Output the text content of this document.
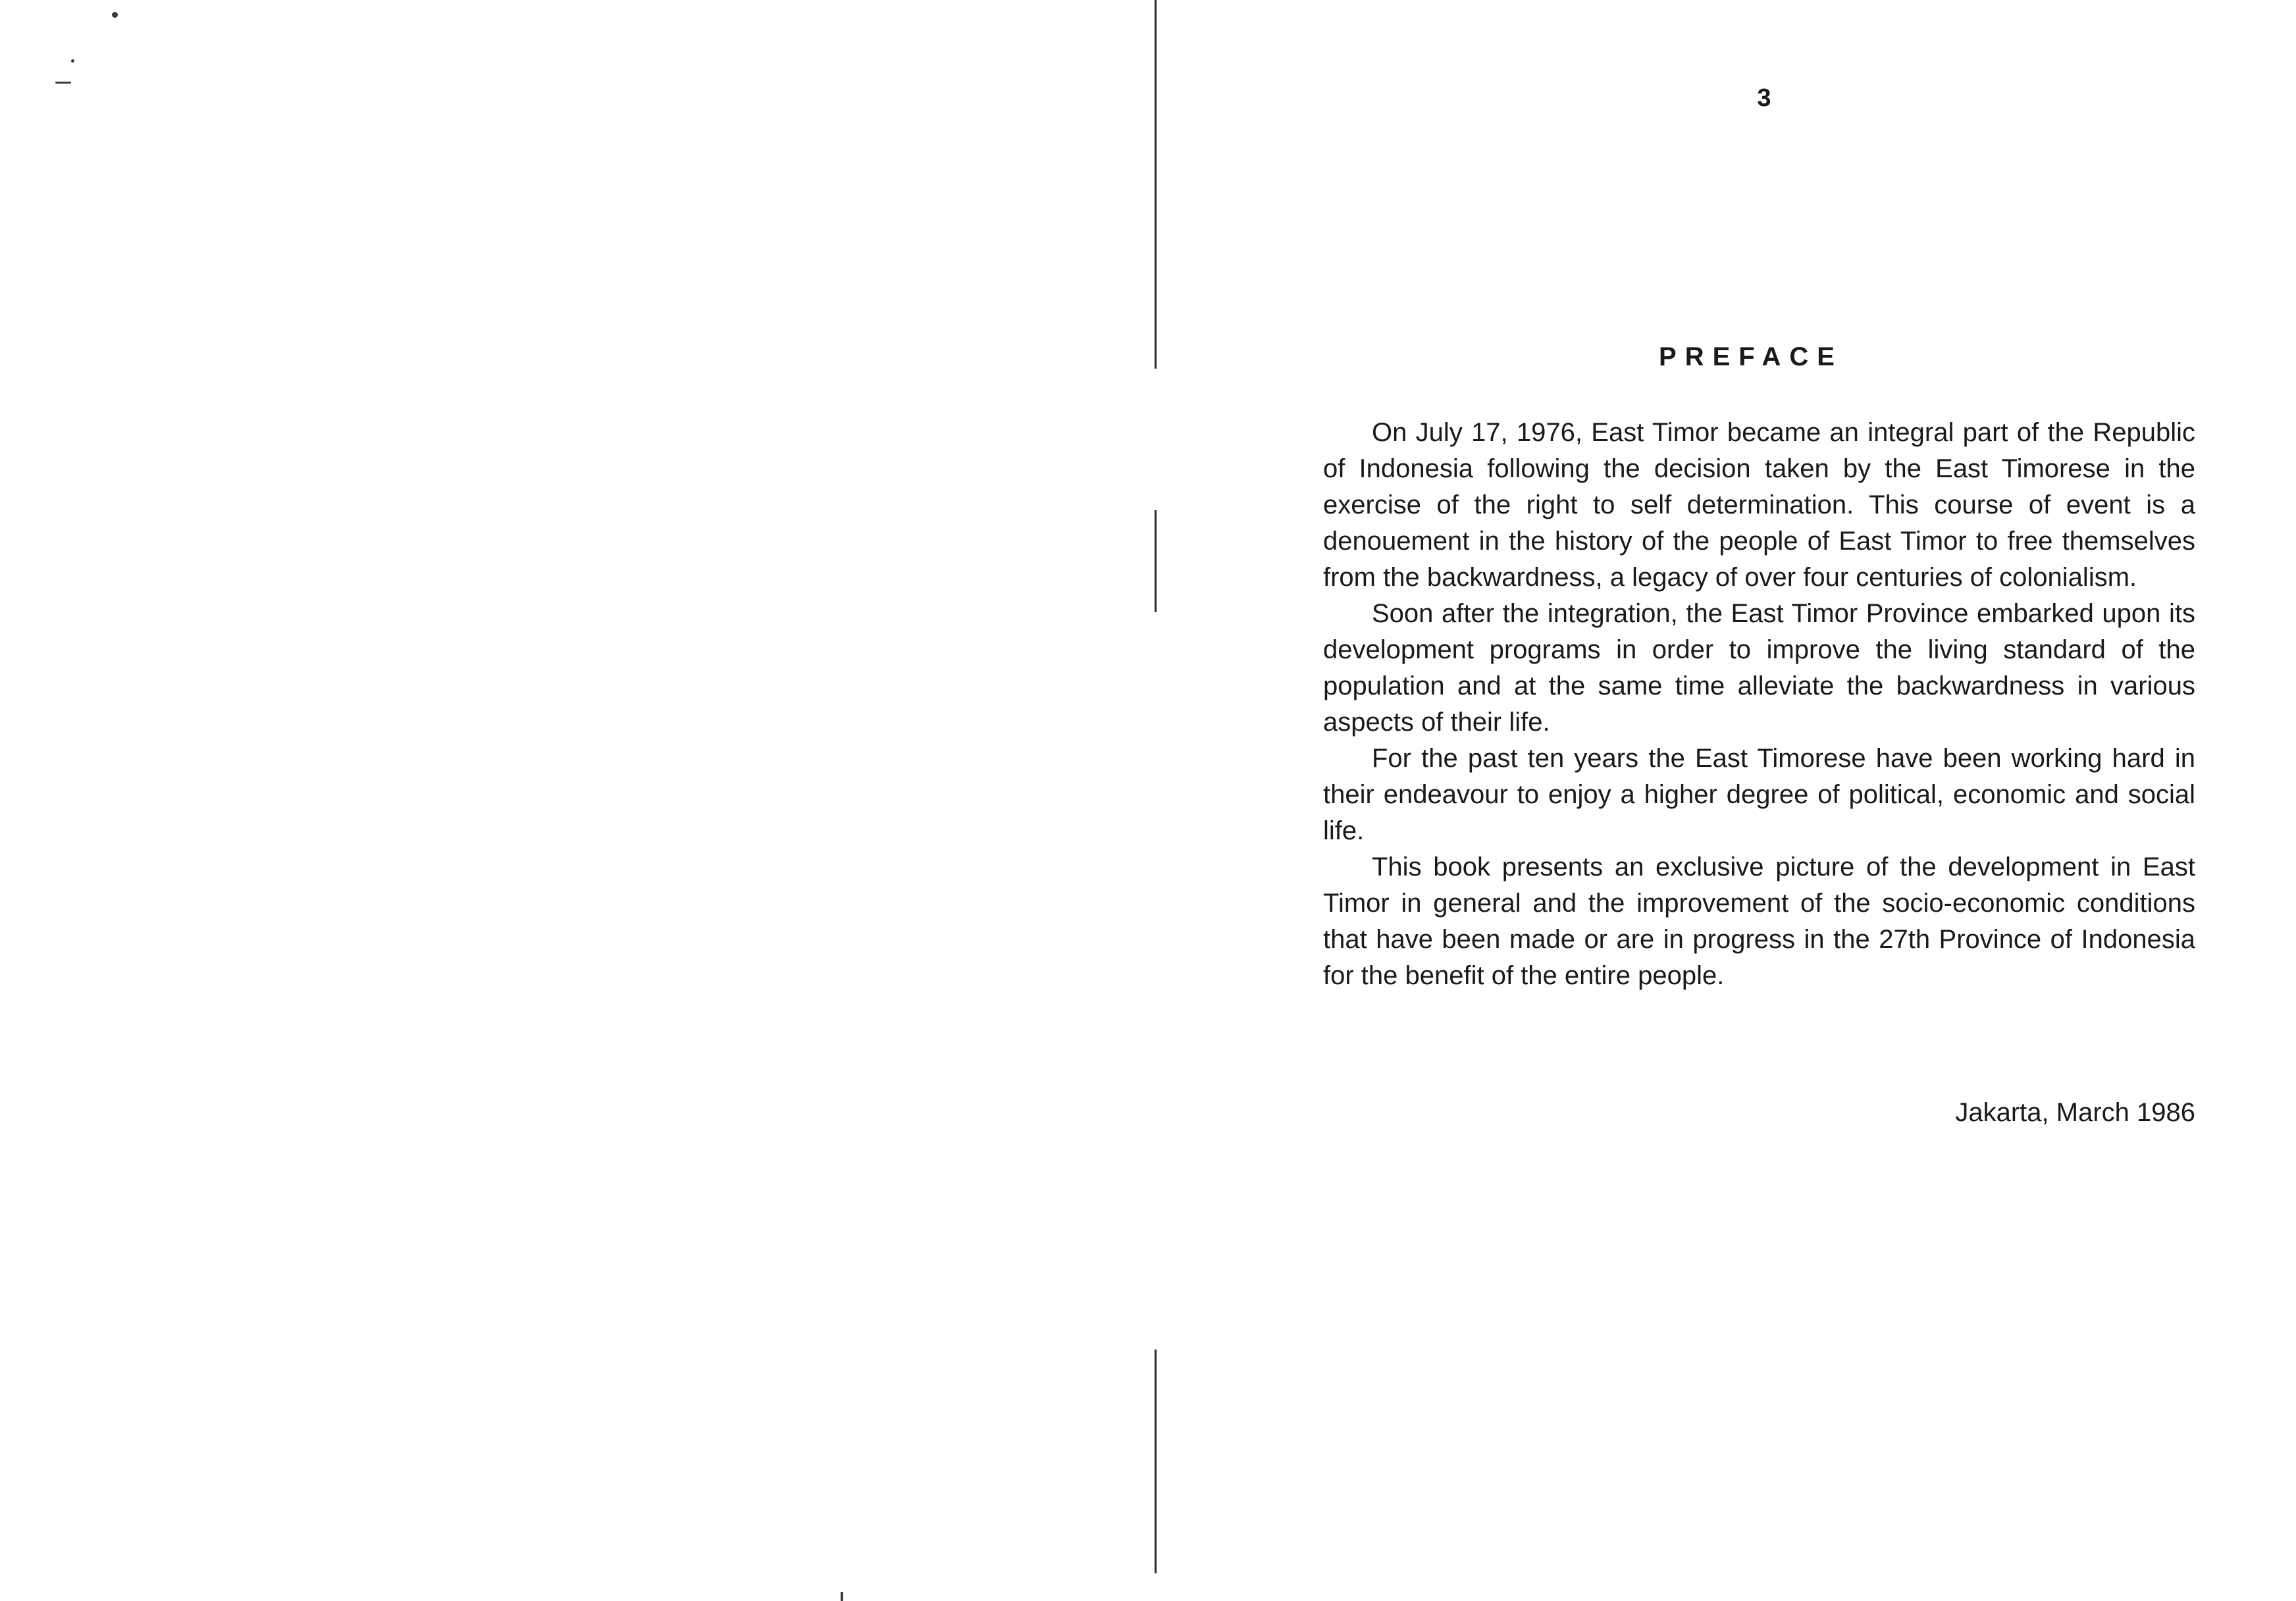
3
PREFACE

On July 17, 1976, East Timor became an integral part of the Republic of Indonesia following the decision taken by the East Timorese in the exercise of the right to self determination. This course of event is a denouement in the history of the people of East Timor to free themselves from the backwardness, a legacy of over four centuries of colonialism.

Soon after the integration, the East Timor Province embarked upon its development programs in order to improve the living standard of the population and at the same time alleviate the backwardness in various aspects of their life.

For the past ten years the East Timorese have been working hard in their endeavour to enjoy a higher degree of political, economic and social life.

This book presents an exclusive picture of the development in East Timor in general and the improvement of the socio-economic conditions that have been made or are in progress in the 27th Province of Indonesia for the benefit of the entire people.

Jakarta, March 1986
